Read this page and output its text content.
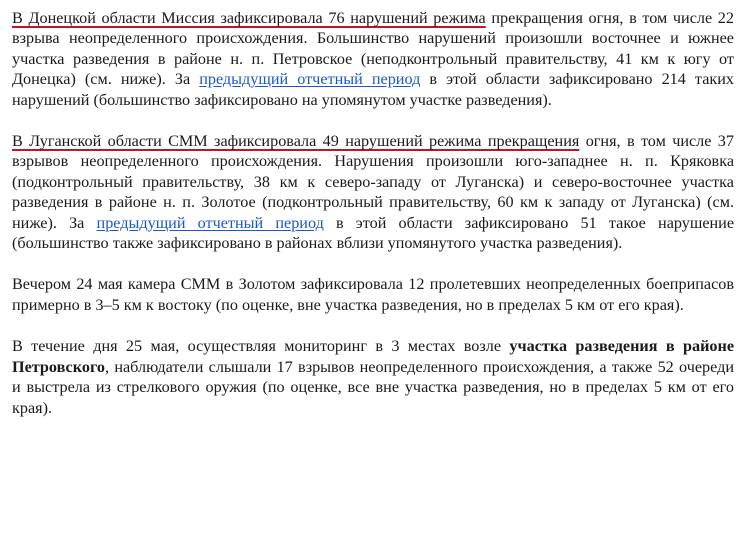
В Донецкой области Миссия зафиксировала 76 нарушений режима прекращения огня, в том числе 22 взрыва неопределенного происхождения. Большинство нарушений произошли восточнее и южнее участка разведения в районе н. п. Петровское (неподконтрольный правительству, 41 км к югу от Донецка) (см. ниже). За предыдущий отчетный период в этой области зафиксировано 214 таких нарушений (большинство зафиксировано на упомянутом участке разведения).

В Луганской области СММ зафиксировала 49 нарушений режима прекращения огня, в том числе 37 взрывов неопределенного происхождения. Нарушения произошли юго-западнее н. п. Кряковка (подконтрольный правительству, 38 км к северо-западу от Луганска) и северо-восточнее участка разведения в районе н. п. Золотое (подконтрольный правительству, 60 км к западу от Луганска) (см. ниже). За предыдущий отчетный период в этой области зафиксировано 51 такое нарушение (большинство также зафиксировано в районах вблизи упомянутого участка разведения).

Вечером 24 мая камера СММ в Золотом зафиксировала 12 пролетевших неопределенных боеприпасов примерно в 3–5 км к востоку (по оценке, вне участка разведения, но в пределах 5 км от его края).

В течение дня 25 мая, осуществляя мониторинг в 3 местах возле участка разведения в районе Петровского, наблюдатели слышали 17 взрывов неопределенного происхождения, а также 52 очереди и выстрела из стрелкового оружия (по оценке, все вне участка разведения, но в пределах 5 км от его края).
